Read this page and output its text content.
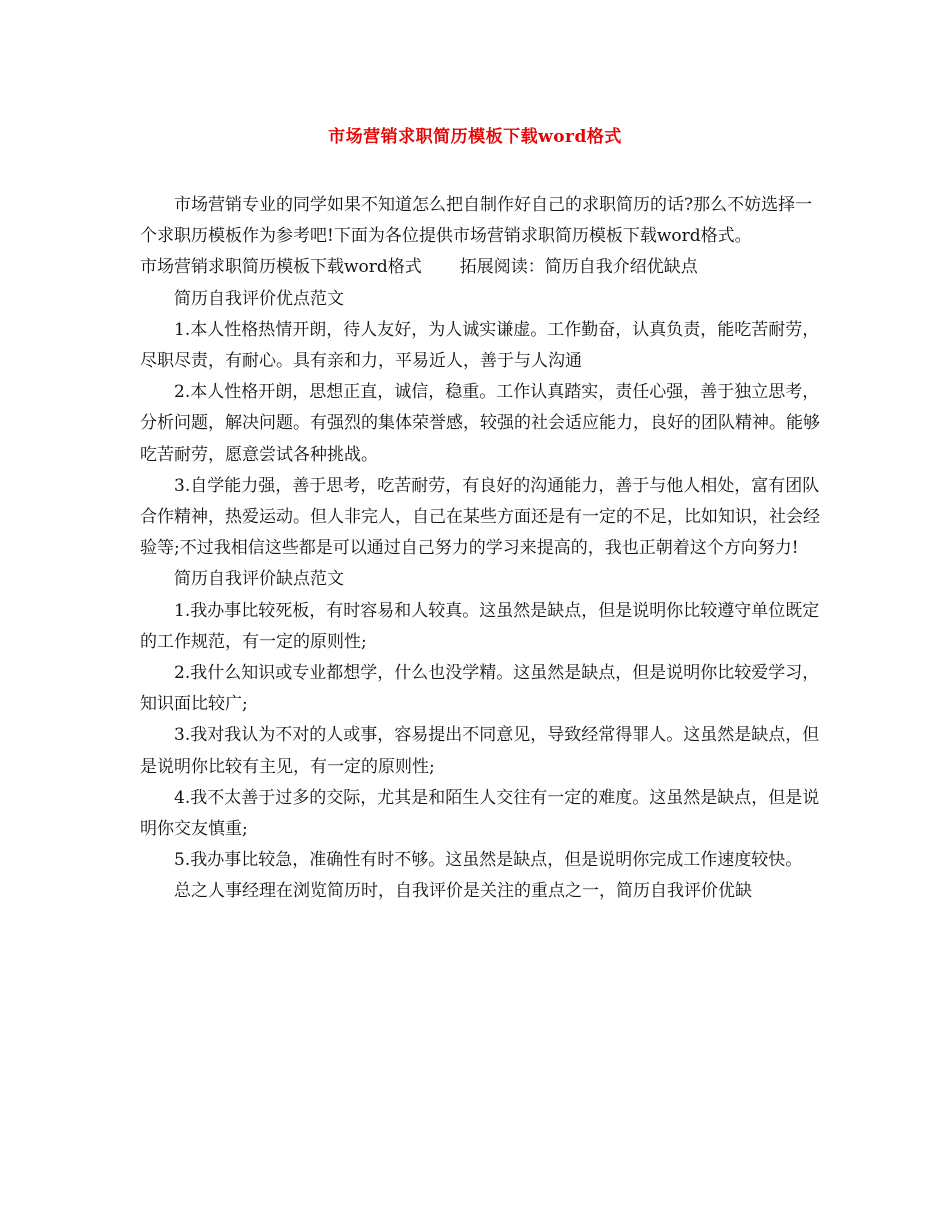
市场营销求职简历模板下载word格式

市场营销专业的同学如果不知道怎么把自制作好自己的求职简历的话?那么不妨选择一个求职历模板作为参考吧!下面为各位提供市场营销求职简历模板下载word格式。

市场营销求职简历模板下载word格式 拓展阅读：简历自我介绍优缺点

简历自我评价优点范文

1.本人性格热情开朗，待人友好，为人诚实谦虚。工作勤奋，认真负责，能吃苦耐劳，尽职尽责，有耐心。具有亲和力，平易近人，善于与人沟通

2.本人性格开朗，思想正直，诚信，稳重。工作认真踏实，责任心强，善于独立思考，分析问题，解决问题。有强烈的集体荣誉感，较强的社会适应能力，良好的团队精神。能够吃苦耐劳，愿意尝试各种挑战。

3.自学能力强，善于思考，吃苦耐劳，有良好的沟通能力，善于与他人相处，富有团队合作精神，热爱运动。但人非完人，自己在某些方面还是有一定的不足，比如知识，社会经验等;不过我相信这些都是可以通过自己努力的学习来提高的，我也正朝着这个方向努力!

简历自我评价缺点范文

1.我办事比较死板，有时容易和人较真。这虽然是缺点，但是说明你比较遵守单位既定的工作规范，有一定的原则性;

2.我什么知识或专业都想学，什么也没学精。这虽然是缺点，但是说明你比较爱学习，知识面比较广;

3.我对我认为不对的人或事，容易提出不同意见，导致经常得罪人。这虽然是缺点，但是说明你比较有主见，有一定的原则性;

4.我不太善于过多的交际，尤其是和陌生人交往有一定的难度。这虽然是缺点，但是说明你交友慎重;

5.我办事比较急，准确性有时不够。这虽然是缺点，但是说明你完成工作速度较快。

总之人事经理在浏览简历时，自我评价是关注的重点之一，简历自我评价优缺
